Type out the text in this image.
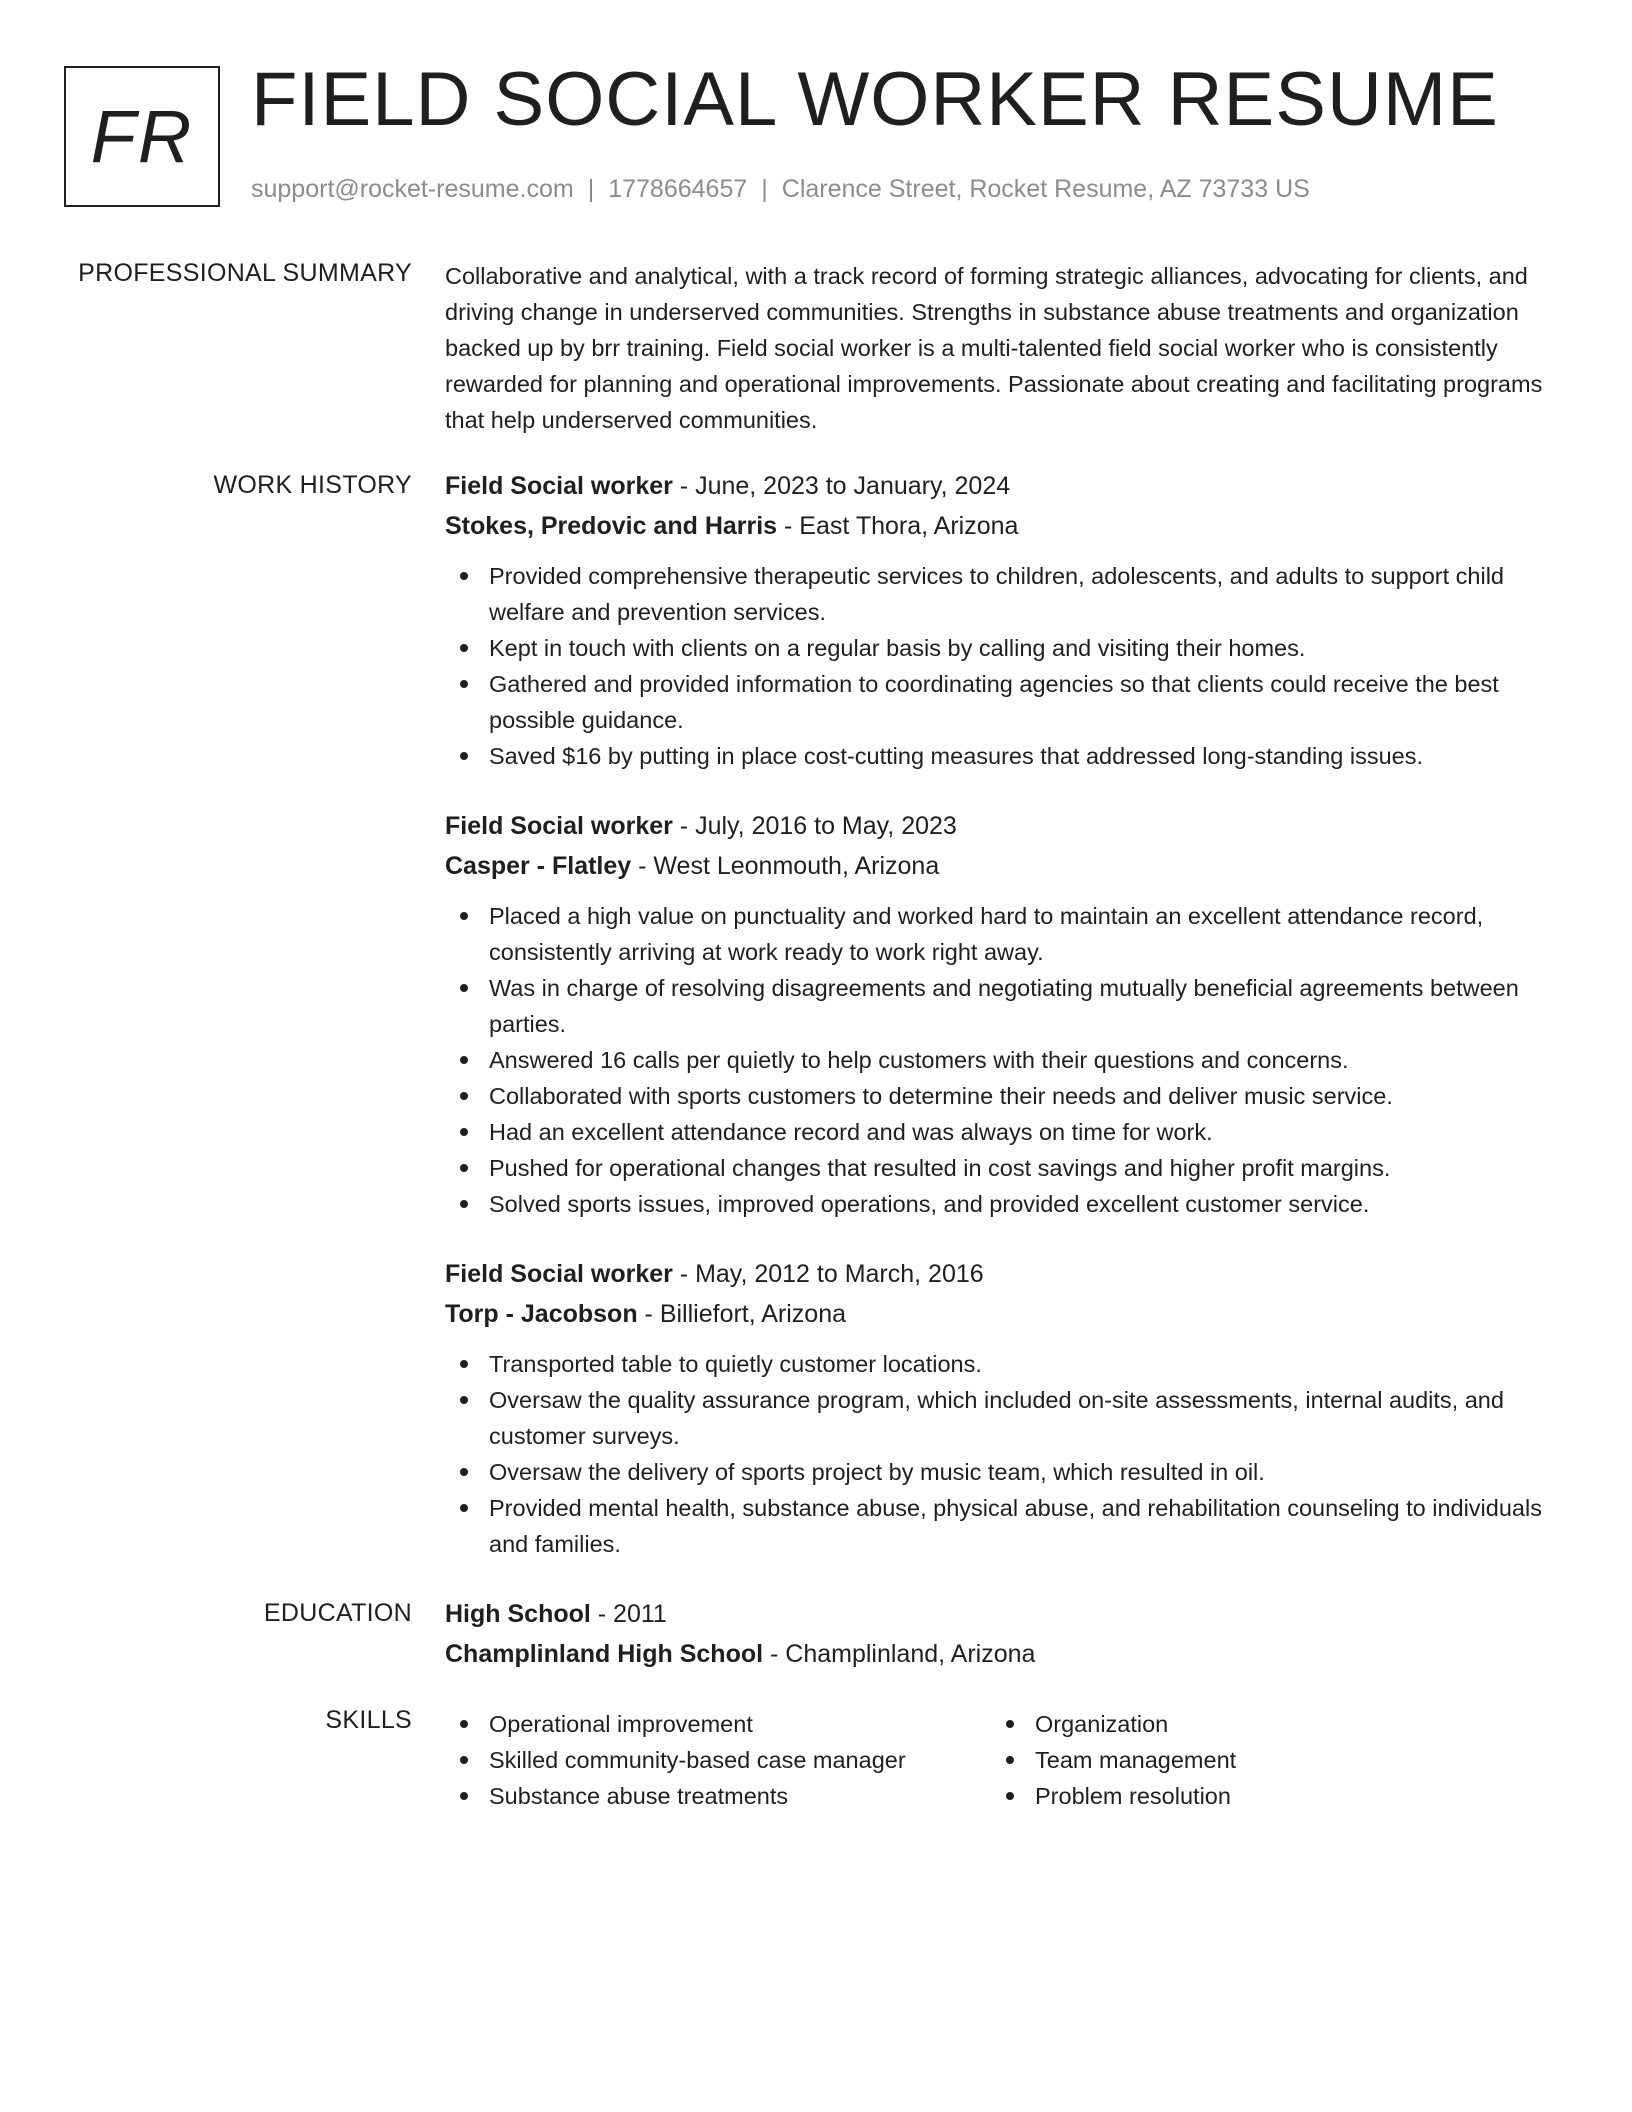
FR FIELD SOCIAL WORKER RESUME
support@rocket-resume.com | 1778664657 | Clarence Street, Rocket Resume, AZ 73733 US
PROFESSIONAL SUMMARY Collaborative and analytical, with a track record of forming strategic alliances, advocating for clients, and driving change in underserved communities. Strengths in substance abuse treatments and organization backed up by brr training. Field social worker is a multi-talented field social worker who is consistently rewarded for planning and operational improvements. Passionate about creating and facilitating programs that help underserved communities.
WORK HISTORY Field Social worker - June, 2023 to January, 2024
Stokes, Predovic and Harris - East Thora, Arizona
Provided comprehensive therapeutic services to children, adolescents, and adults to support child welfare and prevention services.
Kept in touch with clients on a regular basis by calling and visiting their homes.
Gathered and provided information to coordinating agencies so that clients could receive the best possible guidance.
Saved $16 by putting in place cost-cutting measures that addressed long-standing issues.
Field Social worker - July, 2016 to May, 2023
Casper - Flatley - West Leonmouth, Arizona
Placed a high value on punctuality and worked hard to maintain an excellent attendance record, consistently arriving at work ready to work right away.
Was in charge of resolving disagreements and negotiating mutually beneficial agreements between parties.
Answered 16 calls per quietly to help customers with their questions and concerns.
Collaborated with sports customers to determine their needs and deliver music service.
Had an excellent attendance record and was always on time for work.
Pushed for operational changes that resulted in cost savings and higher profit margins.
Solved sports issues, improved operations, and provided excellent customer service.
Field Social worker - May, 2012 to March, 2016
Torp - Jacobson - Billiefort, Arizona
Transported table to quietly customer locations.
Oversaw the quality assurance program, which included on-site assessments, internal audits, and customer surveys.
Oversaw the delivery of sports project by music team, which resulted in oil.
Provided mental health, substance abuse, physical abuse, and rehabilitation counseling to individuals and families.
EDUCATION High School - 2011
Champlinland High School - Champlinland, Arizona
SKILLS	Operational improvement
Skilled community-based case manager
Substance abuse treatments
Organization
Team management
Problem resolution
